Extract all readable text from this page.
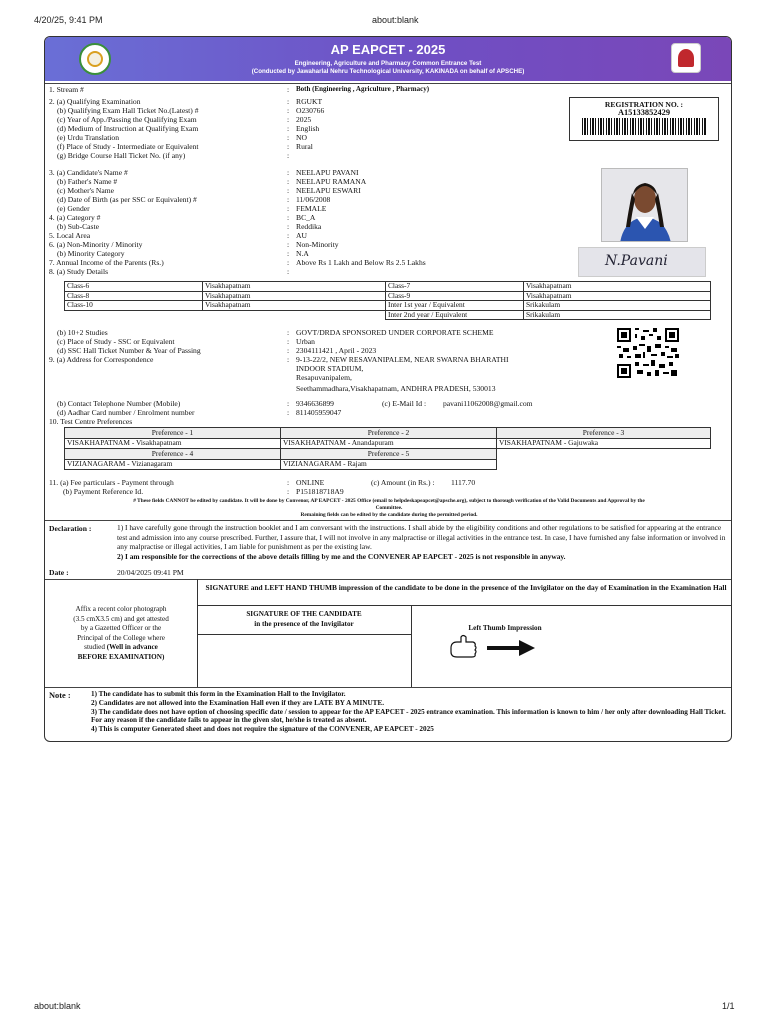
4/20/25, 9:41 PM	about:blank
about:blank	1/1
AP EAPCET - 2025
Engineering, Agriculture and Pharmacy Common Entrance Test
(Conducted by Jawaharlal Nehru Technological University, KAKINADA on behalf of APSCHE)
1. Stream #	: Both (Engineering , Agriculture , Pharmacy)
2. (a) Qualifying Examination	: RGUKT
(b) Qualifying Exam Hall Ticket No.(Latest) #	: O230766
(c) Year of App./Passing the Qualifying Exam	: 2025
(d) Medium of Instruction at Qualifying Exam	: English
(e) Urdu Translation	: NO
(f) Place of Study - Intermediate or Equivalent	: Rural
(g) Bridge Course Hall Ticket No. (if any)	:
REGISTRATION NO. :
A15133852429
3. (a) Candidate's Name #	: NEELAPU PAVANI
(b) Father's Name #	: NEELAPU RAMANA
(c) Mother's Name	: NEELAPU ESWARI
(d) Date of Birth (as per SSC or Equivalent) #	: 11/06/2008
(e) Gender	: FEMALE
4. (a) Category #	: BC_A
(b) Sub-Caste	: Reddika
5. Local Area	: AU
6. (a) Non-Minority / Minority	: Non-Minority
(b) Minority Category	: N.A
7. Annual Income of the Parents (Rs.)	: Above Rs 1 Lakh and Below Rs 2.5 Lakhs
8. (a) Study Details	:
N.Pavani
Class-6	Visakhapatnam	Class-7	Visakhapatnam
Class-8	Visakhapatnam	Class-9	Visakhapatnam
Class-10	Visakhapatnam	Inter 1st year / Equivalent	Srikakulam
		Inter 2nd year / Equivalent	Srikakulam
(b) 10+2 Studies	: GOVT/DRDA SPONSORED UNDER CORPORATE SCHEME
(c) Place of Study - SSC or Equivalent	: Urban
(d) SSC Hall Ticket Number & Year of Passing	: 2304111421 , April - 2023
9. (a) Address for Correspondence	: 9-13-22/2, NEW RESAVANIPALEM, NEAR SWARNA BHARATHI
INDOOR STADIUM,
Resapuvanipalem,
Seethammadhara,Visakhapatnam, ANDHRA PRADESH, 530013
(b) Contact Telephone Number (Mobile)	: 9346636899	(c) E-Mail Id : pavani11062008@gmail.com
(d) Aadhar Card number / Enrolment number	: 811405959047
10. Test Centre Preferences
Preference - 1	Preference - 2	Preference - 3
VISAKHAPATNAM - Visakhapatnam	VISAKHAPATNAM - Anandapuram	VISAKHAPATNAM - Gajuwaka
Preference - 4	Preference - 5	
VIZIANAGARAM - Vizianagaram	VIZIANAGARAM - Rajam	
11. (a) Fee particulars - Payment through	: ONLINE	(c) Amount (in Rs.) : 1117.70
(b) Payment Reference Id.	: P151818718A9
# These fields CANNOT be edited by candidate. It will be done by Convenor, AP EAPCET - 2025 Office (email to helpdeskapeapcet@apsche.org), subject to thorough verification of the Valid Documents and Approval by the
Committee.
Remaining fields can be edited by the candidate during the permitted period.
Declaration :	1) I have carefully gone through the instruction booklet and I am conversant with the instructions. I shall abide by the eligibility conditions and other regulations to be satisfied for appearing at the entrance test and admission into any course prescribed. Further, I assure that, I will not involve in any malpractise or illegal activities in the entrance test. In case, I have furnished any false information or involved in any malpractise or illegal activities, I am liable for punishment as per the existing law.
2) I am responsible for the corrections of the above details filling by me and the CONVENER AP EAPCET - 2025 is not responsible in anyway.
Date :	20/04/2025 09:41 PM
SIGNATURE and LEFT HAND THUMB impression of the candidate to be done in the presence of the Invigilator on the day of Examination in the Examination Hall
SIGNATURE OF THE CANDIDATE
in the presence of the Invigilator
Left Thumb Impression
Affix a recent color photograph
(3.5 cmX3.5 cm) and get attested
by a Gazetted Officer or the
Principal of the College where
studied (Well in advance
BEFORE EXAMINATION)
Note :	1) The candidate has to submit this form in the Examination Hall to the Invigilator.
2) Candidates are not allowed into the Examination Hall even if they are LATE BY A MINUTE.
3) The candidate does not have option of choosing specific date / session to appear for the AP EAPCET - 2025 entrance examination. This information is known to him / her only after downloading Hall Ticket. For any reason if the candidate fails to appear in the given slot, he/she is treated as absent.
4) This is computer Generated sheet and does not require the signature of the CONVENER, AP EAPCET - 2025
